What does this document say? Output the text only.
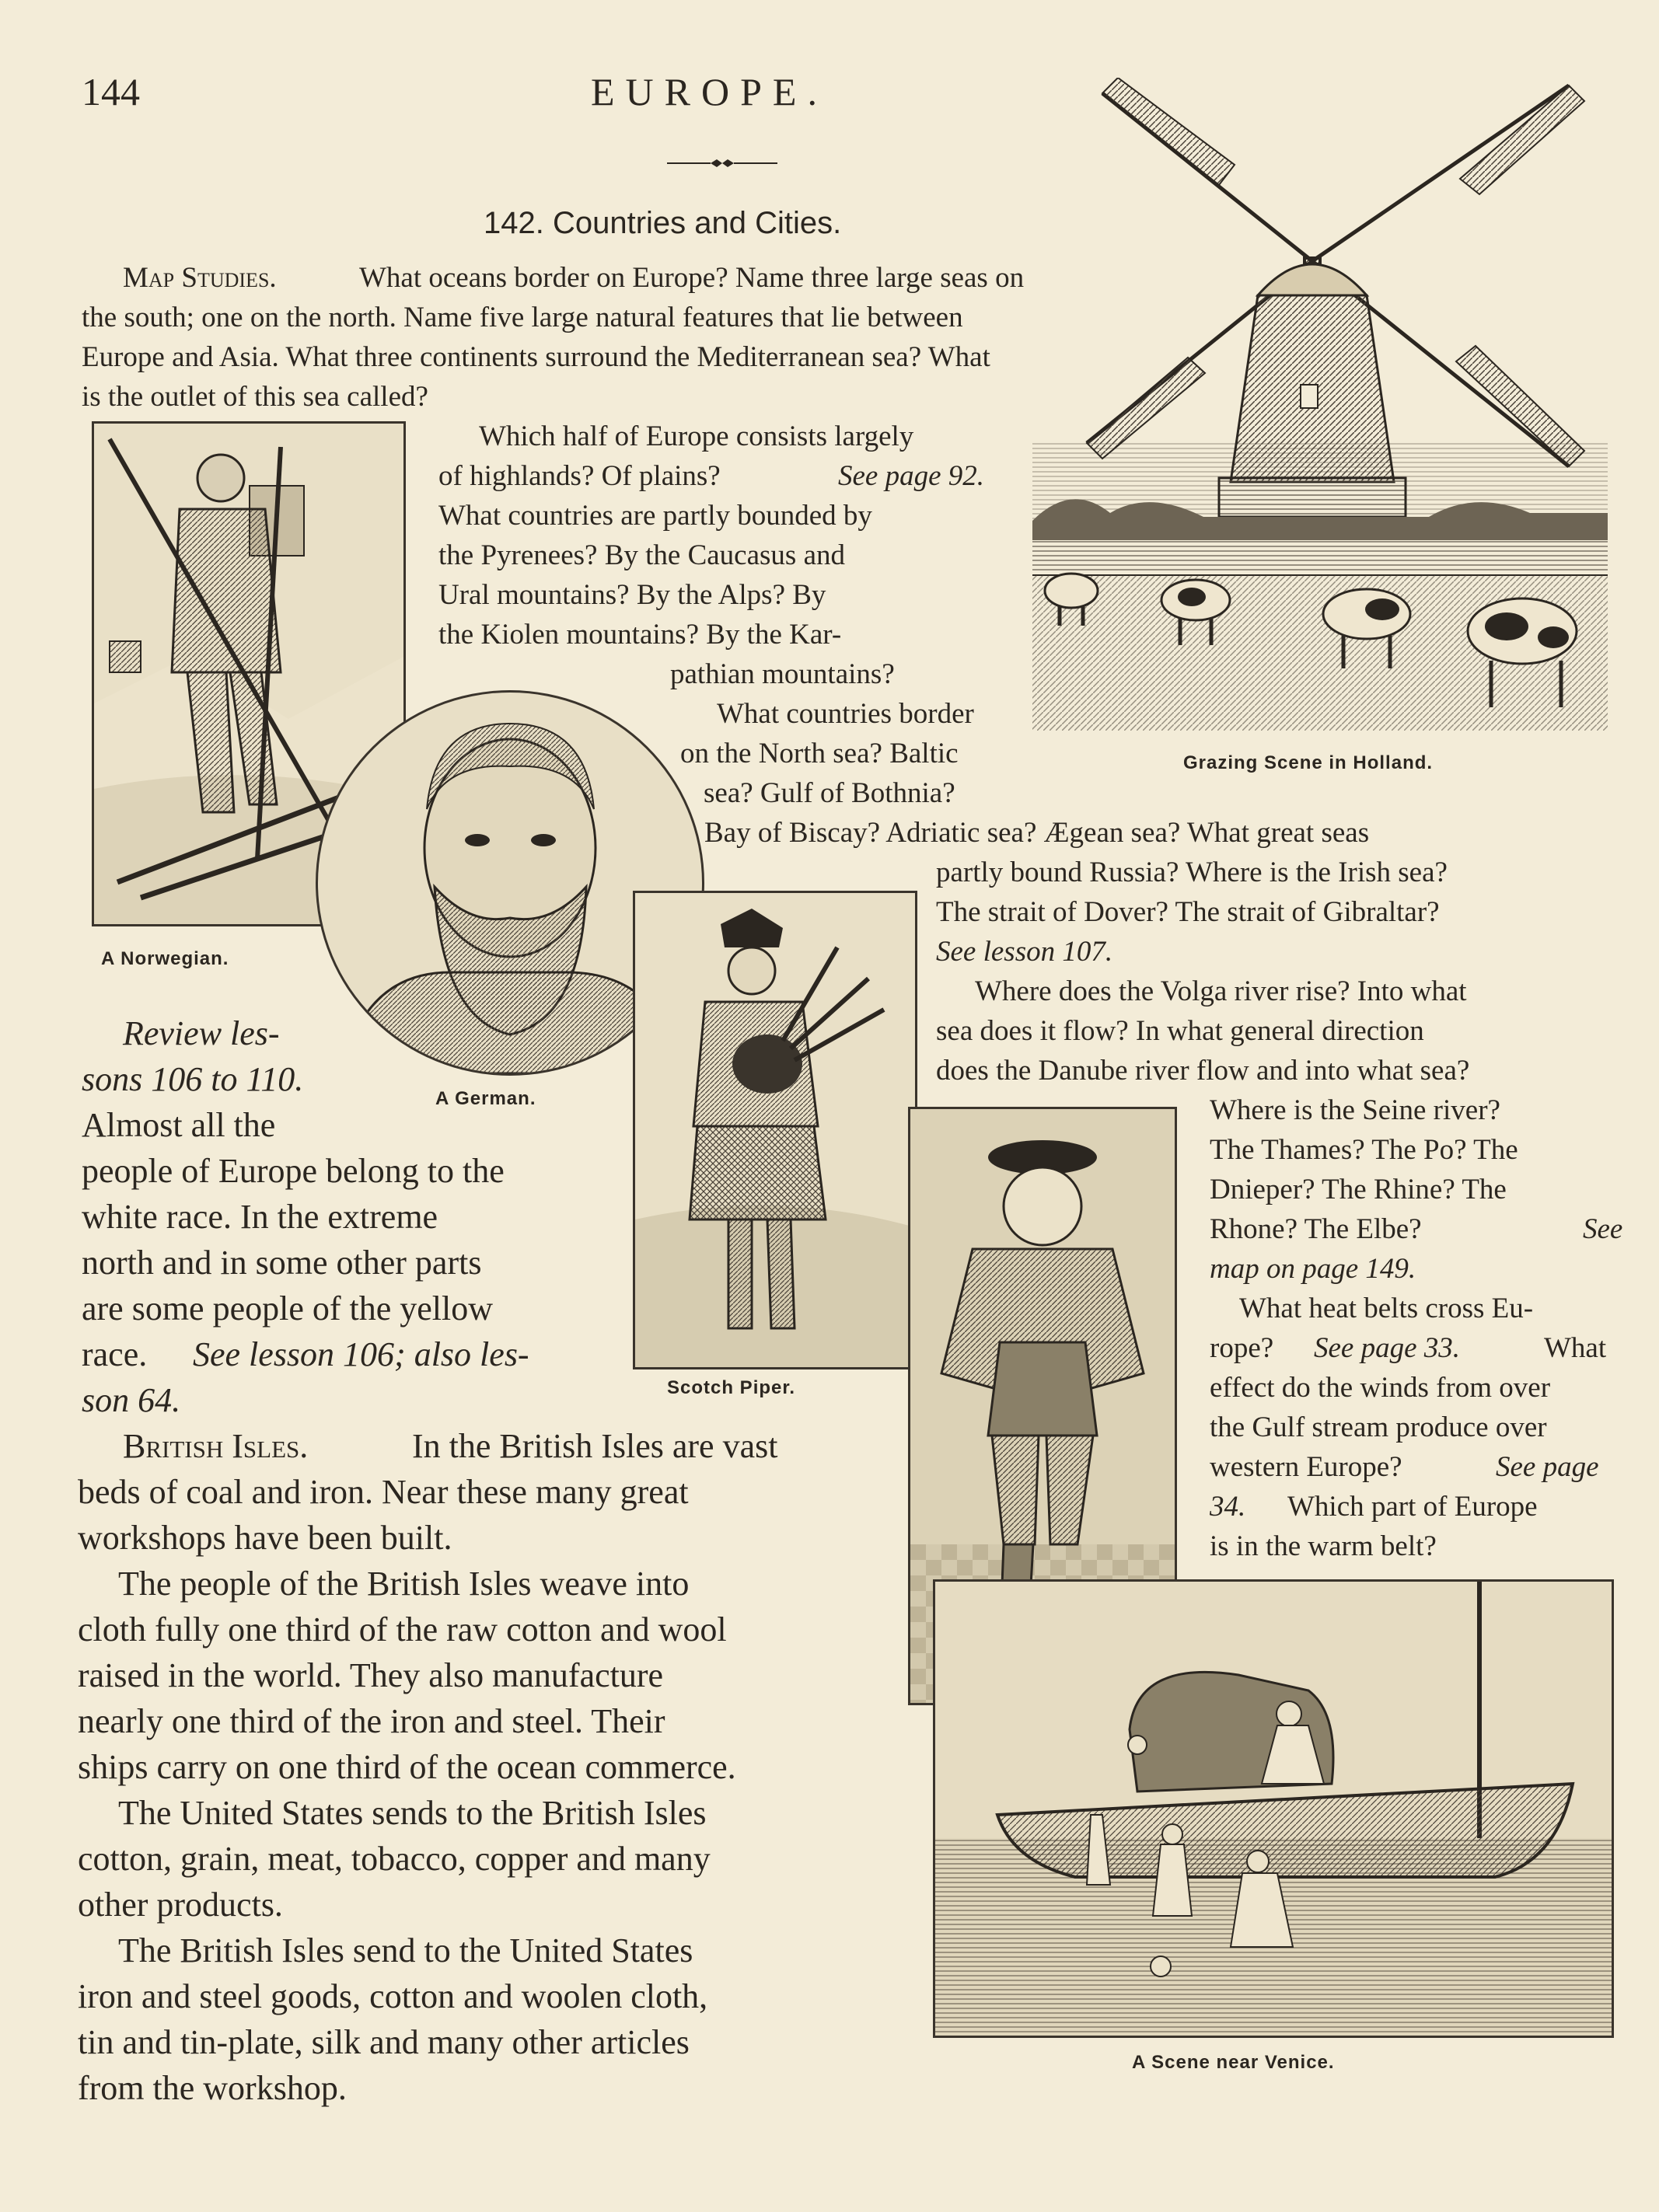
144	EUROPE.
142. Countries and Cities.
Map Studies.	What oceans border on Europe? Name three large seas on
the south; one on the north. Name five large natural features that lie between
Europe and Asia. What three continents surround the Mediterranean sea? What
is the outlet of this sea called?
Which half of Europe consists largely
of highlands? Of plains?	See page 92.
What countries are partly bounded by
the Pyrenees? By the Caucasus and
Ural mountains? By the Alps? By
the Kiolen mountains? By the Kar-
pathian mountains?
What countries border
on the North sea? Baltic
sea? Gulf of Bothnia?
Bay of Biscay? Adriatic sea? Ægean sea? What great seas
partly bound Russia? Where is the Irish sea?
The strait of Dover? The strait of Gibraltar?
See lesson 107.
Where does the Volga river rise? Into what
sea does it flow? In what general direction
does the Danube river flow and into what sea?
Where is the Seine river?
The Thames? The Po? The
Dnieper? The Rhine? The
Rhone? The Elbe?	See
map on page 149.
What heat belts cross Eu-
rope? See page 33.	What
effect do the winds from over
the Gulf stream produce over
western Europe?	See page
34. Which part of Europe
is in the warm belt?
Review les-
sons 106 to 110.
Almost all the
people of Europe belong to the
white race. In the extreme
north and in some other parts
are some people of the yellow
race. See lesson 106; also les-
son 64.
British Isles.	In the British Isles are vast
beds of coal and iron. Near these many great
workshops have been built.
The people of the British Isles weave into
cloth fully one third of the raw cotton and wool
raised in the world. They also manufacture
nearly one third of the iron and steel. Their
ships carry on one third of the ocean commerce.
The United States sends to the British Isles
cotton, grain, meat, tobacco, copper and many
other products.
The British Isles send to the United States
iron and steel goods, cotton and woolen cloth,
tin and tin-plate, silk and many other articles
from the workshop.
Grazing Scene in Holland.
A Norwegian.
A German.
Scotch Piper.
A Scene near Venice.
